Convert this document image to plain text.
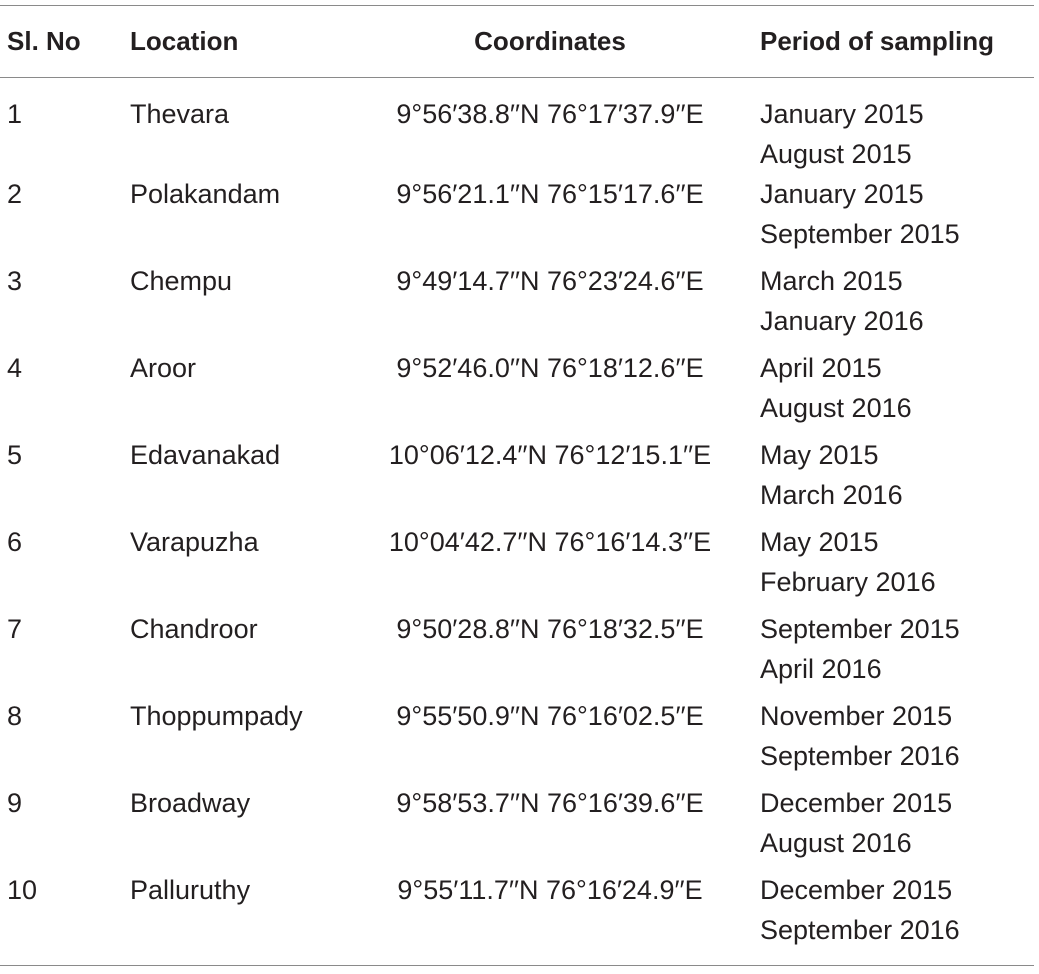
Sl. No	Location	Coordinates	Period of sampling
1	Thevara	9°56′38.8′′N 76°17′37.9′′E	January 2015
August 2015

2	Polakandam	9°56′21.1′′N 76°15′17.6′′E	January 2015
September 2015

3	Chempu	9°49′14.7′′N 76°23′24.6′′E	March 2015
January 2016

4	Aroor	9°52′46.0′′N 76°18′12.6′′E	April 2015
August 2016

5	Edavanakad	10°06′12.4′′N 76°12′15.1′′E	May 2015
March 2016

6	Varapuzha	10°04′42.7′′N 76°16′14.3′′E	May 2015
February 2016

7	Chandroor	9°50′28.8′′N 76°18′32.5′′E	September 2015
April 2016

8	Thoppumpady	9°55′50.9′′N 76°16′02.5′′E	November 2015
September 2016

9	Broadway	9°58′53.7′′N 76°16′39.6′′E	December 2015
August 2016

10	Palluruthy	9°55′11.7′′N 76°16′24.9′′E	December 2015
September 2016
